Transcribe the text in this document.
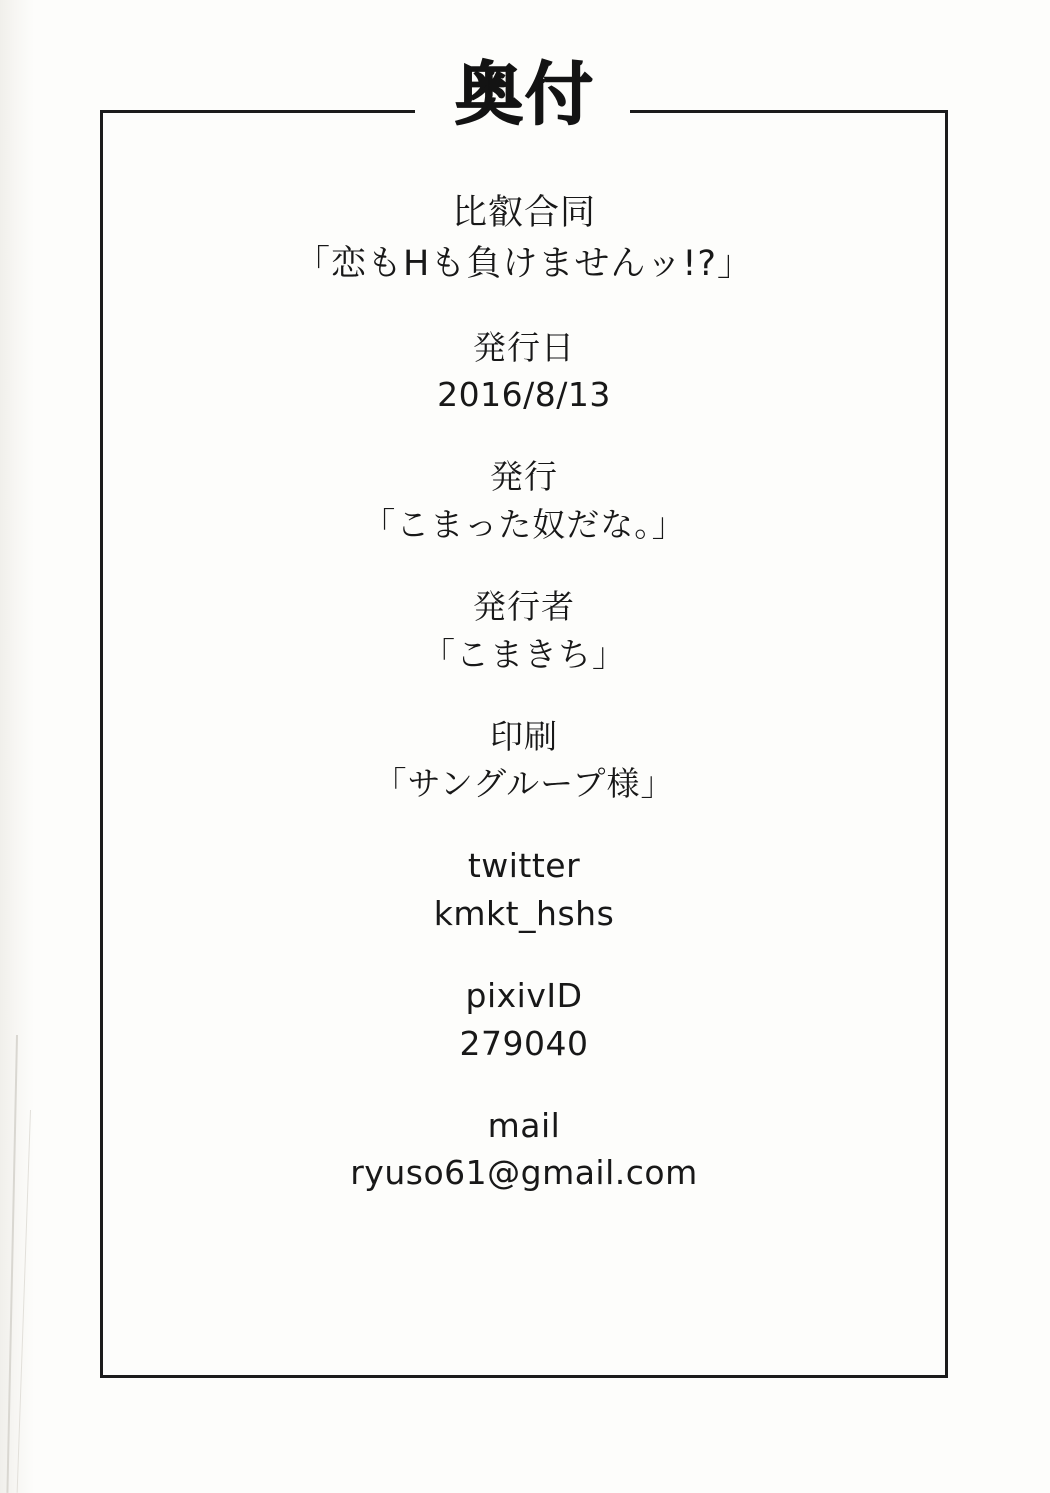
奥付
比叡合同
「恋もHも負けませんッ!?」
発行日
2016/8/13
発行
「こまった奴だな。」
発行者
「こまきち」
印刷
「サングループ様」
twitter
kmkt_hshs
pixivID
279040
mail
ryuso61@gmail.com
